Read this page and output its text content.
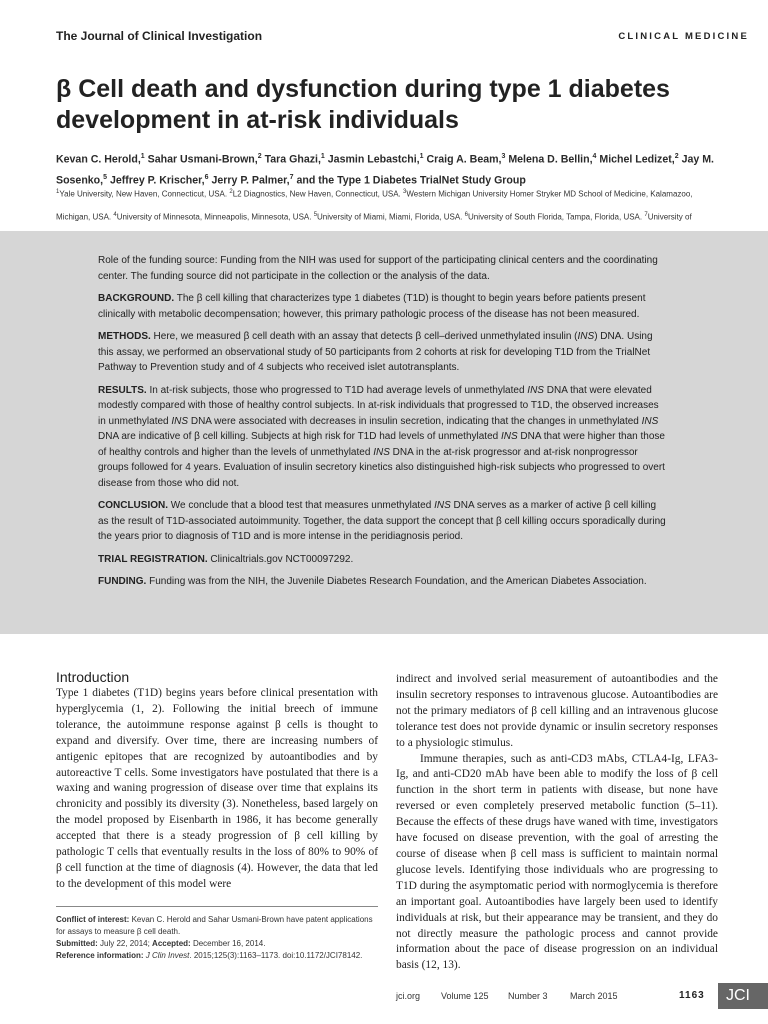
The Journal of Clinical Investigation	CLINICAL MEDICINE
β Cell death and dysfunction during type 1 diabetes development in at-risk individuals
Kevan C. Herold,$^1$ Sahar Usmani-Brown,$^2$ Tara Ghazi,$^1$ Jasmin Lebastchi,$^1$ Craig A. Beam,$^3$ Melena D. Bellin,$^4$ Michel Ledizet,$^2$ Jay M. Sosenko,$^5$ Jeffrey P. Krischer,$^6$ Jerry P. Palmer,$^7$ and the Type 1 Diabetes TrialNet Study Group
$^1$Yale University, New Haven, Connecticut, USA. $^2$L2 Diagnostics, New Haven, Connecticut, USA. $^3$Western Michigan University Homer Stryker MD School of Medicine, Kalamazoo, Michigan, USA. $^4$University of Minnesota, Minneapolis, Minnesota, USA. $^5$University of Miami, Miami, Florida, USA. $^6$University of South Florida, Tampa, Florida, USA. $^7$University of

Role of the funding source: Funding from the NIH was used for support of the participating clinical centers and the coordinating center. The funding source did not participate in the collection or the analysis of the data.

BACKGROUND. The β cell killing that characterizes type 1 diabetes (T1D) is thought to begin years before patients present clinically with metabolic decompensation; however, this primary pathologic process of the disease has not been measured.

METHODS. Here, we measured β cell death with an assay that detects β cell–derived unmethylated insulin (INS) DNA. Using this assay, we performed an observational study of 50 participants from 2 cohorts at risk for developing T1D from the TrialNet Pathway to Prevention study and of 4 subjects who received islet autotransplants.

RESULTS. In at-risk subjects, those who progressed to T1D had average levels of unmethylated INS DNA that were elevated modestly compared with those of healthy control subjects. In at-risk individuals that progressed to T1D, the observed increases in unmethylated INS DNA were associated with decreases in insulin secretion, indicating that the changes in unmethylated INS DNA are indicative of β cell killing. Subjects at high risk for T1D had levels of unmethylated INS DNA that were higher than those of healthy controls and higher than the levels of unmethylated INS DNA in the at-risk progressor and at-risk nonprogressor groups followed for 4 years. Evaluation of insulin secretory kinetics also distinguished high-risk subjects who progressed to overt disease from those who did not.

CONCLUSION. We conclude that a blood test that measures unmethylated INS DNA serves as a marker of active β cell killing as the result of T1D-associated autoimmunity. Together, the data support the concept that β cell killing occurs sporadically during the years prior to diagnosis of T1D and is more intense in the peridiagnosis period.

TRIAL REGISTRATION. Clinicaltrials.gov NCT00097292.

FUNDING. Funding was from the NIH, the Juvenile Diabetes Research Foundation, and the American Diabetes Association.

Introduction

Type 1 diabetes (T1D) begins years before clinical presentation with hyperglycemia (1, 2). Following the initial breech of immune tolerance, the autoimmune response against β cells is thought to expand and diversify. Over time, there are increasing numbers of antigenic epitopes that are recognized by autoantibodies and by autoreactive T cells. Some investigators have postulated that there is a waxing and waning progression of disease over time that explains its chronicity and possibly its diversity (3). Nonetheless, based largely on the model proposed by Eisenbarth in 1986, it has become generally accepted that there is a steady progression of β cell killing by pathologic T cells that eventually results in the loss of 80% to 90% of β cell function at the time of diagnosis (4). However, the data that led to the development of this model were

indirect and involved serial measurement of autoantibodies and the insulin secretory responses to intravenous glucose. Autoantibodies are not the primary mediators of β cell killing and an intravenous glucose tolerance test does not provide dynamic or insulin secretory responses to a physiologic stimulus.

Immune therapies, such as anti-CD3 mAbs, CTLA4-Ig, LFA3-Ig, and anti-CD20 mAb have been able to modify the loss of β cell function in the short term in patients with disease, but none have reversed or even completely preserved metabolic function (5–11). Because the effects of these drugs have waned with time, investigators have focused on disease prevention, with the goal of arresting the course of disease when β cell mass is sufficient to maintain normal glucose levels. Identifying those individuals who are progressing to T1D during the asymptomatic period with normoglycemia is therefore an important goal. Autoantibodies have largely been used to identify individuals at risk, but their appearance may be transient, and they do not directly measure the pathologic process and cannot provide information about the pace of disease progression on an individual basis (12, 13).

Conflict of interest: Kevan C. Herold and Sahar Usmani-Brown have patent applications for assays to measure β cell death.
Submitted: July 22, 2014; Accepted: December 16, 2014.
Reference information: J Clin Invest. 2015;125(3):1163–1173. doi:10.1172/JCI78142.
jci.org Volume 125 Number 3 March 2015	1163	JCI
